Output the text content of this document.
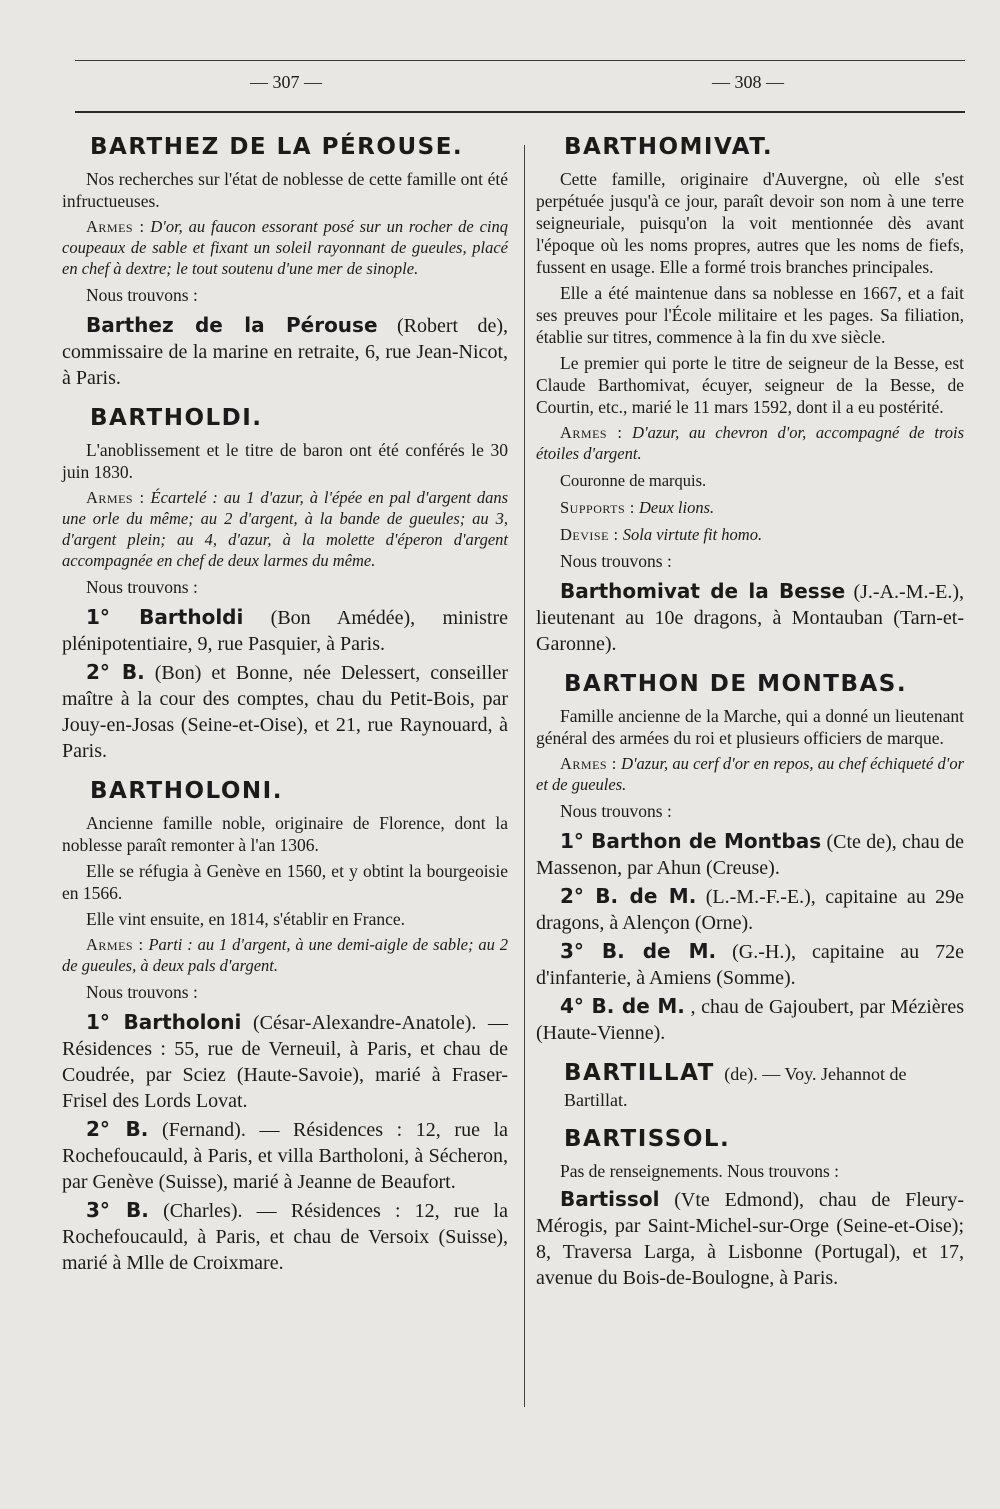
— 307 —	— 308 —
BARTHEZ DE LA PÉROUSE.
Nos recherches sur l'état de noblesse de cette famille ont été infructueuses.
Armes : D'or, au faucon essorant posé sur un rocher de cinq coupeaux de sable et fixant un soleil rayonnant de gueules, placé en chef à dextre; le tout soutenu d'une mer de sinople.
Nous trouvons :
Barthez de la Pérouse (Robert de), commissaire de la marine en retraite, 6, rue Jean-Nicot, à Paris.
BARTHOLDI.
L'anoblissement et le titre de baron ont été conférés le 30 juin 1830.
Armes : Écartelé : au 1 d'azur, à l'épée en pal d'argent dans une orle du même; au 2 d'argent, à la bande de gueules; au 3, d'argent plein; au 4, d'azur, à la molette d'éperon d'argent accompagnée en chef de deux larmes du même.
Nous trouvons :
1° Bartholdi (Bon Amédée), ministre plénipotentiaire, 9, rue Pasquier, à Paris.
2° B. (Bon) et Bonne, née Delessert, conseiller maître à la cour des comptes, chau du Petit-Bois, par Jouy-en-Josas (Seine-et-Oise), et 21, rue Raynouard, à Paris.
BARTHOLONI.
Ancienne famille noble, originaire de Florence, dont la noblesse paraît remonter à l'an 1306.
Elle se réfugia à Genève en 1560, et y obtint la bourgeoisie en 1566.
Elle vint ensuite, en 1814, s'établir en France.
Armes : Parti : au 1 d'argent, à une demi-aigle de sable; au 2 de gueules, à deux pals d'argent.
Nous trouvons :
1° Bartholoni (César-Alexandre-Anatole). — Résidences : 55, rue de Verneuil, à Paris, et chau de Coudrée, par Sciez (Haute-Savoie), marié à Fraser-Frisel des Lords Lovat.
2° B. (Fernand). — Résidences : 12, rue la Rochefoucauld, à Paris, et villa Bartholoni, à Sécheron, par Genève (Suisse), marié à Jeanne de Beaufort.
3° B. (Charles). — Résidences : 12, rue la Rochefoucauld, à Paris, et chau de Versoix (Suisse), marié à Mlle de Croixmare.
BARTHOMIVAT.
Cette famille, originaire d'Auvergne, où elle s'est perpétuée jusqu'à ce jour, paraît devoir son nom à une terre seigneuriale, puisqu'on la voit mentionnée dès avant l'époque où les noms propres, autres que les noms de fiefs, fussent en usage. Elle a formé trois branches principales.
Elle a été maintenue dans sa noblesse en 1667, et a fait ses preuves pour l'École militaire et les pages. Sa filiation, établie sur titres, commence à la fin du xve siècle.
Le premier qui porte le titre de seigneur de la Besse, est Claude Barthomivat, écuyer, seigneur de la Besse, de Courtin, etc., marié le 11 mars 1592, dont il a eu postérité.
Armes : D'azur, au chevron d'or, accompagné de trois étoiles d'argent.
Couronne de marquis.
Supports : Deux lions.
Devise : Sola virtute fit homo.
Nous trouvons :
Barthomivat de la Besse (J.-A.-M.-E.), lieutenant au 10e dragons, à Montauban (Tarn-et-Garonne).
BARTHON DE MONTBAS.
Famille ancienne de la Marche, qui a donné un lieutenant général des armées du roi et plusieurs officiers de marque.
Armes : D'azur, au cerf d'or en repos, au chef échiqueté d'or et de gueules.
Nous trouvons :
1° Barthon de Montbas (Cte de), chau de Massenon, par Ahun (Creuse).
2° B. de M. (L.-M.-F.-E.), capitaine au 29e dragons, à Alençon (Orne).
3° B. de M. (G.-H.), capitaine au 72e d'infanterie, à Amiens (Somme).
4° B. de M. , chau de Gajoubert, par Mézières (Haute-Vienne).
BARTILLAT (de). — Voy. Jehannot de Bartillat.
BARTISSOL.
Pas de renseignements. Nous trouvons :
Bartissol (Vte Edmond), chau de Fleury-Mérogis, par Saint-Michel-sur-Orge (Seine-et-Oise); 8, Traversa Larga, à Lisbonne (Portugal), et 17, avenue du Bois-de-Boulogne, à Paris.
